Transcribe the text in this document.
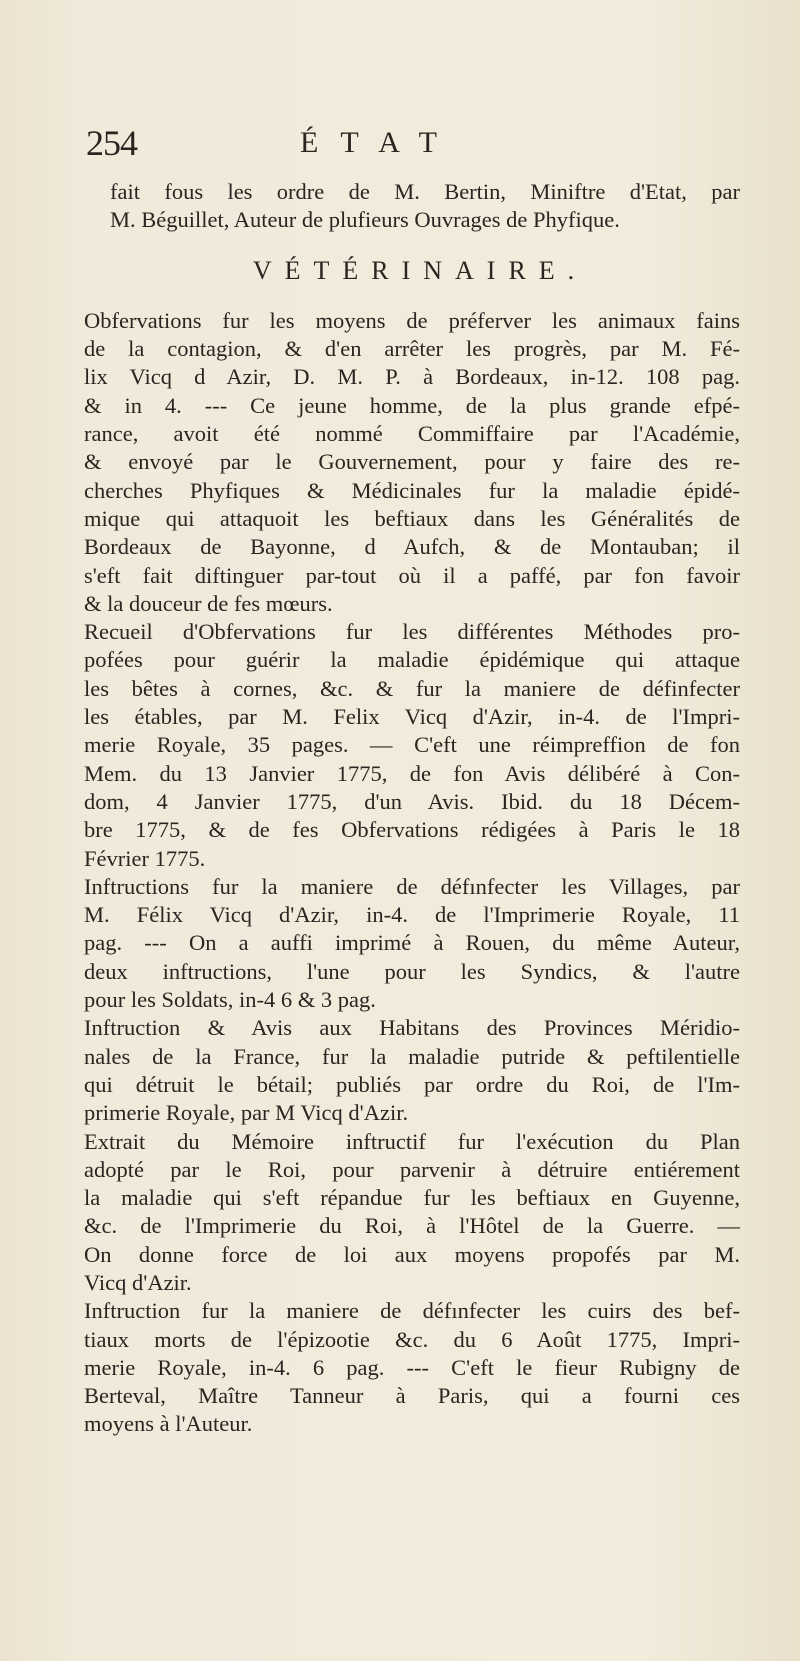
254	ÉTAT
fait fous les ordre de M. Bertin, Miniftre d'Etat, par
M. Béguillet, Auteur de plufieurs Ouvrages de Phyfique.
VÉTÉRINAIRE.
Obfervations fur les moyens de préferver les animaux fains
de la contagion, & d'en arrêter les progrès, par M. Fé-
lix Vicq d Azir, D. M. P. à Bordeaux, in-12. 108 pag.
& in 4. --- Ce jeune homme, de la plus grande efpé-
rance, avoit été nommé Commiffaire par l'Académie,
& envoyé par le Gouvernement, pour y faire des re-
cherches Phyfiques & Médicinales fur la maladie épidé-
mique qui attaquoit les beftiaux dans les Généralités de
Bordeaux de Bayonne, d Aufch, & de Montauban; il
s'eft fait diftinguer par-tout où il a paffé, par fon favoir
& la douceur de fes mœurs.
Recueil d'Obfervations fur les différentes Méthodes pro-
pofées pour guérir la maladie épidémique qui attaque
les bêtes à cornes, &c. & fur la maniere de définfecter
les étables, par M. Felix Vicq d'Azir, in-4. de l'Impri-
merie Royale, 35 pages. — C'eft une réimpreffion de fon
Mem. du 13 Janvier 1775, de fon Avis délibéré à Con-
dom, 4 Janvier 1775, d'un Avis. Ibid. du 18 Décem-
bre 1775, & de fes Obfervations rédigées à Paris le 18
Février 1775.
Inftructions fur la maniere de défınfecter les Villages, par
M. Félix Vicq d'Azir, in-4. de l'Imprimerie Royale, 11
pag. --- On a auffi imprimé à Rouen, du même Auteur,
deux inftructions, l'une pour les Syndics, & l'autre
pour les Soldats, in-4 6 & 3 pag.
Inftruction & Avis aux Habitans des Provinces Méridio-
nales de la France, fur la maladie putride & peftilentielle
qui détruit le bétail; publiés par ordre du Roi, de l'Im-
primerie Royale, par M Vicq d'Azir.
Extrait du Mémoire inftructif fur l'exécution du Plan
adopté par le Roi, pour parvenir à détruire entiérement
la maladie qui s'eft répandue fur les beftiaux en Guyenne,
&c. de l'Imprimerie du Roi, à l'Hôtel de la Guerre. —
On donne force de loi aux moyens propofés par M.
Vicq d'Azir.
Inftruction fur la maniere de défınfecter les cuirs des bef-
tiaux morts de l'épizootie &c. du 6 Août 1775, Impri-
merie Royale, in-4. 6 pag. --- C'eft le fieur Rubigny de
Berteval, Maître Tanneur à Paris, qui a fourni ces
moyens à l'Auteur.
